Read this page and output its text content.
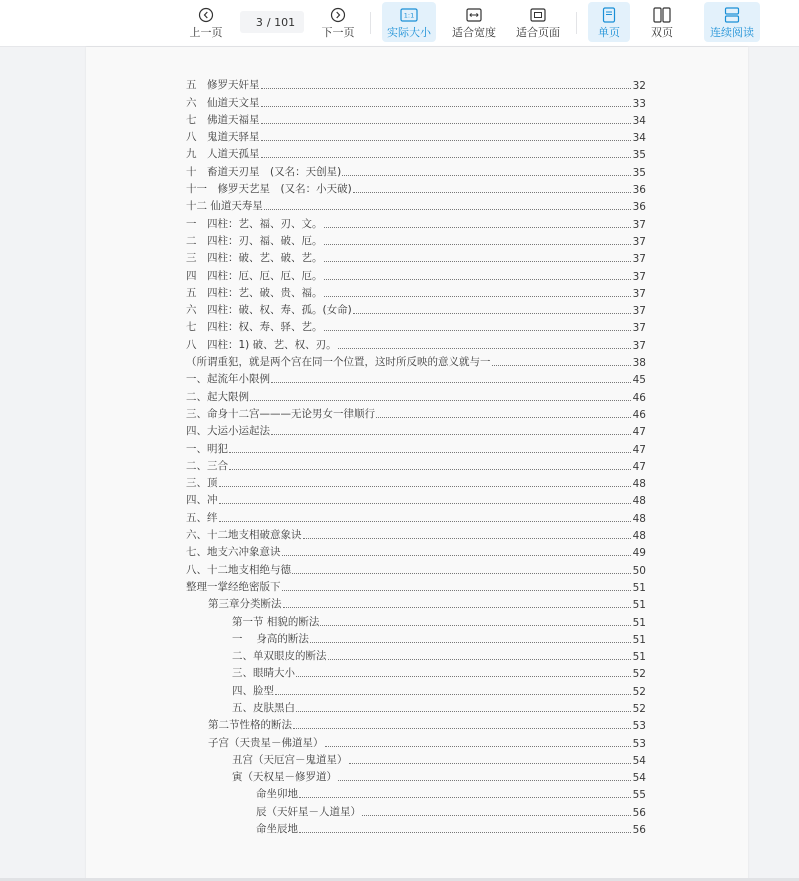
上一页
3 / 101
下一页
1:1
实际大小 适合宽度 适合页面	单页	双页	连续阅读
五　修罗天奸星	32
六　仙道天文星	33
七　佛道天福星	34
八　鬼道天驿星	34
九　人道天孤星	35
十　畜道天刃星　(又名：天创星)	35
十一　修罗天艺星　(又名：小天破)	36
十二 仙道天寿星	36
一　四柱：艺、福、刃、文。	37
二　四柱：刃、福、破、厄。	37
三　四柱：破、艺、破、艺。	37
四　四柱：厄、厄、厄、厄。	37
五　四柱：艺、破、贵、福。	37
六　四柱：破、权、寿、孤。(女命)	37
七　四柱：权、寿、驿、艺。	37
八　四柱：1) 破、艺、权、刃。	37
（所谓重犯，就是两个宫在同一个位置，这时所反映的意义就与一	38
一、起流年小限例	45
二、起大限例	46
三、命身十二宫———无论男女一律顺行	46
四、大运小运起法	47
一、明犯	47
二、三合	47
三、顶	48
四、冲	48
五、绊	48
六、十二地支相破意象诀	48
七、地支六冲象意诀	49
八、十二地支相绝与德	50
整理一掌经绝密版下	51
第三章分类断法	51
第一节 相貌的断法	51
一　 身高的断法	51
二、单双眼皮的断法	51
三、眼睛大小	52
四、脸型	52
五、皮肤黑白	52
第二节性格的断法	53
子宫（天贵星－佛道星）	53
丑宫（天厄宫－鬼道星）	54
寅（天权星－修罗道）	54
命坐卯地	55
辰（天奸星－人道星）	56
命坐辰地	56
